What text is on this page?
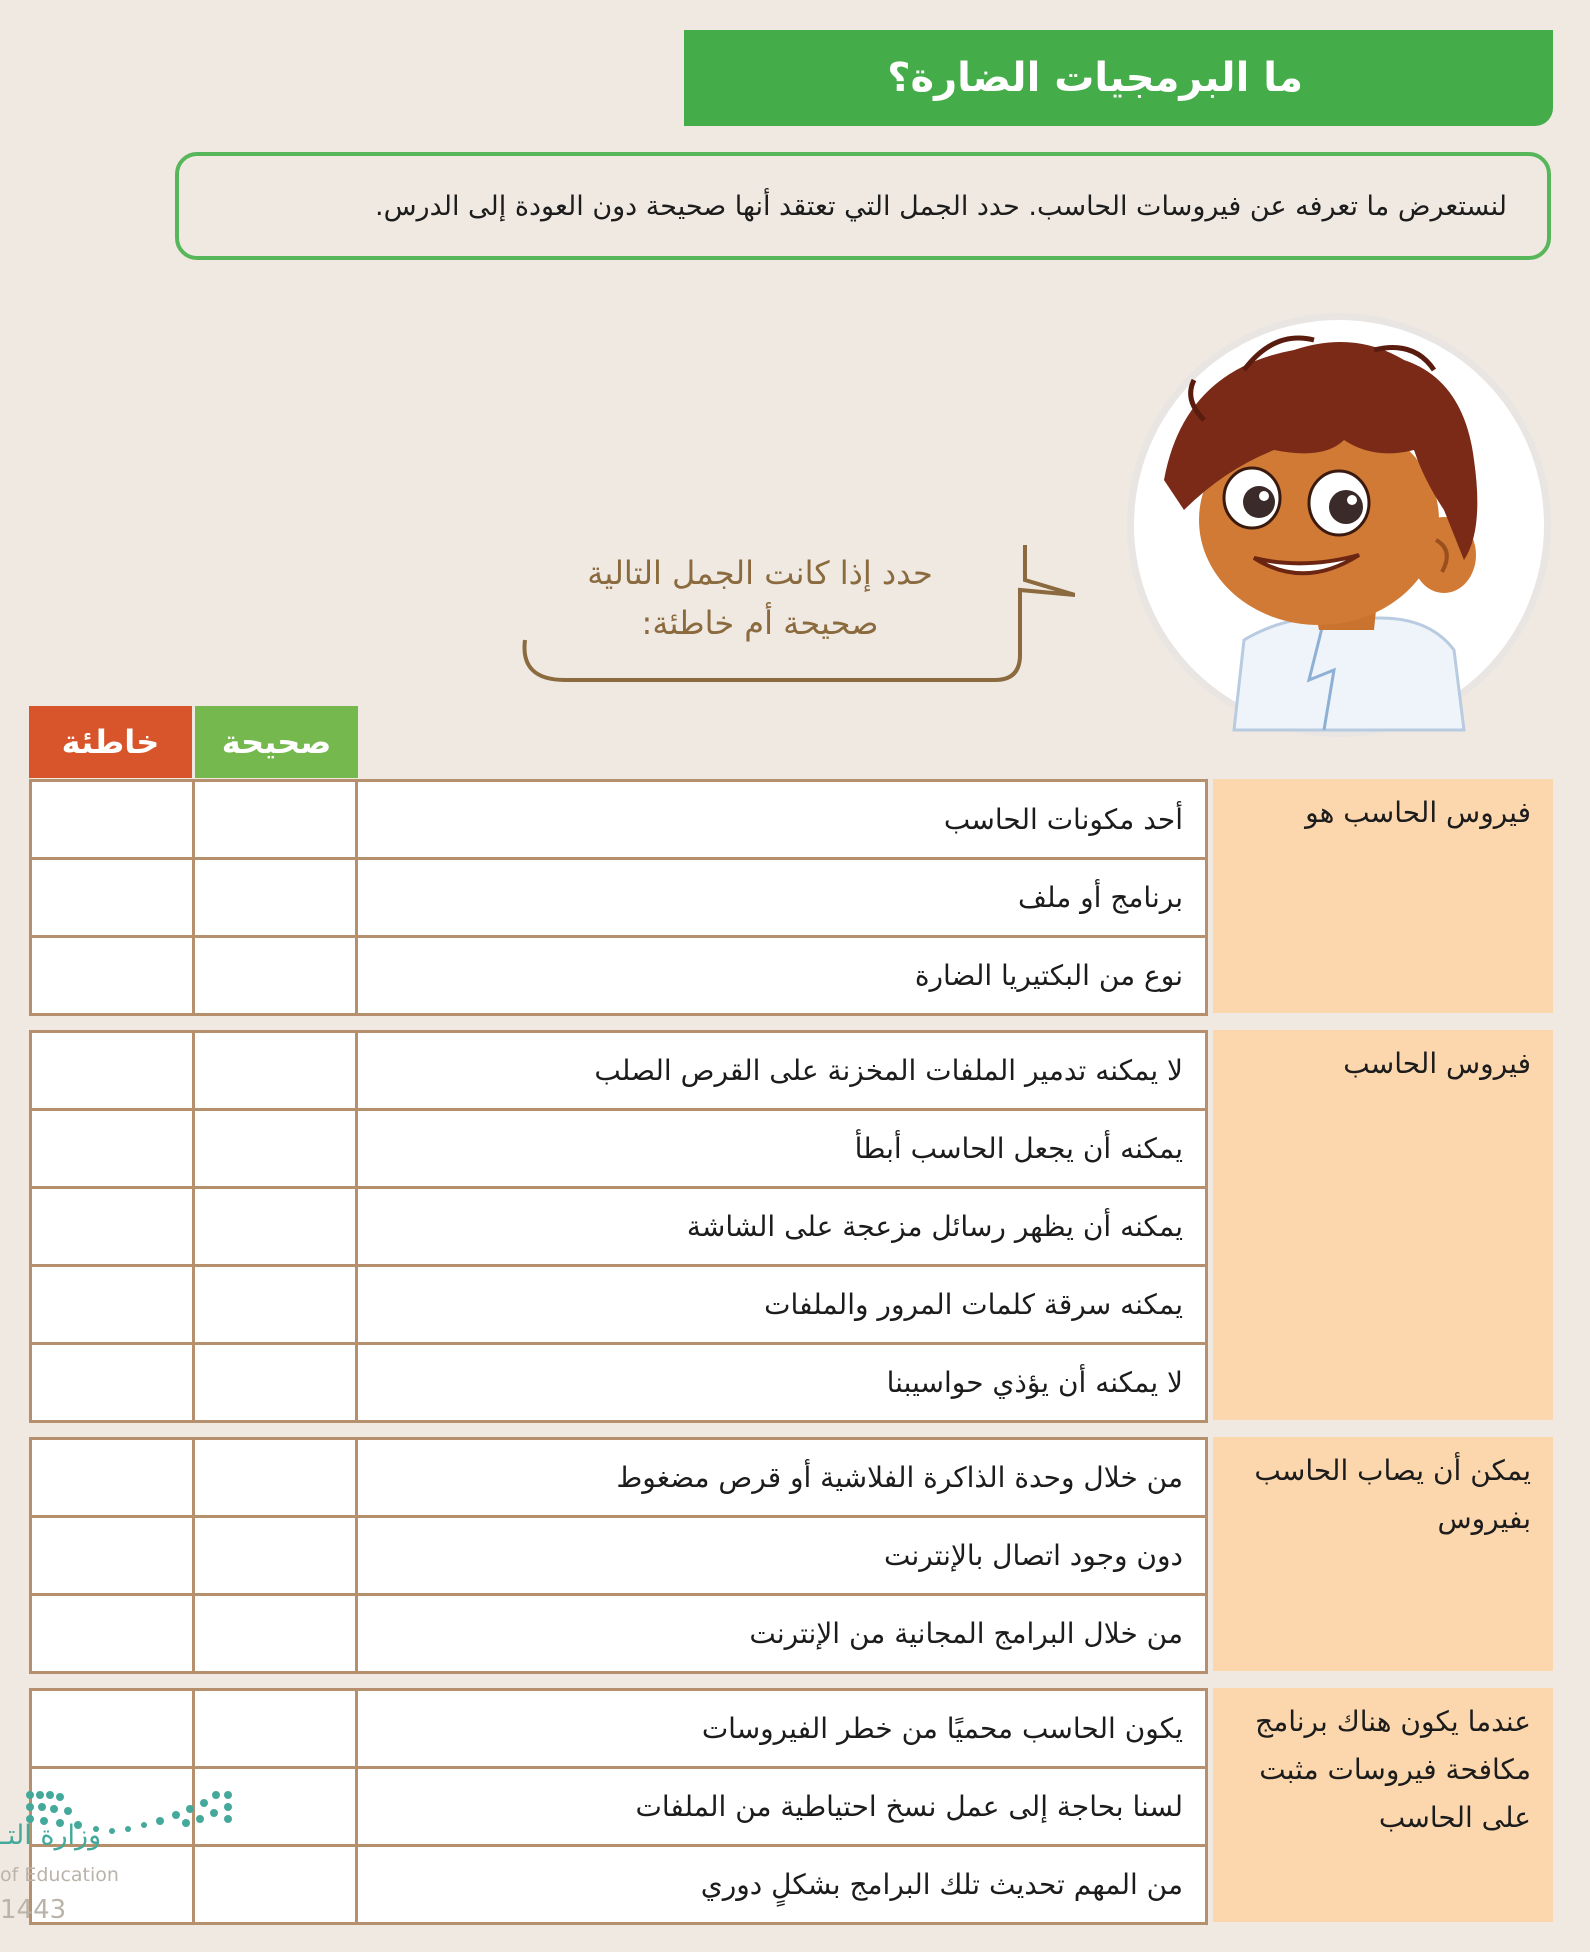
ما البرمجيات الضارة؟
لنستعرض ما تعرفه عن فيروسات الحاسب. حدد الجمل التي تعتقد أنها صحيحة دون العودة إلى الدرس.
حدد إذا كانت الجمل التالية
صحيحة أم خاطئة:
خاطئة	صحيحة
فيروس الحاسب هو
أحد مكونات الحاسب
برنامج أو ملف
نوع من البكتيريا الضارة
فيروس الحاسب
لا يمكنه تدمير الملفات المخزنة على القرص الصلب
يمكنه أن يجعل الحاسب أبطأ
يمكنه أن يظهر رسائل مزعجة على الشاشة
يمكنه سرقة كلمات المرور والملفات
لا يمكنه أن يؤذي حواسيبنا
يمكن أن يصاب الحاسب بفيروس
من خلال وحدة الذاكرة الفلاشية أو قرص مضغوط
دون وجود اتصال بالإنترنت
من خلال البرامج المجانية من الإنترنت
عندما يكون هناك برنامج مكافحة فيروسات مثبت على الحاسب
يكون الحاسب محميًا من خطر الفيروسات
لسنا بحاجة إلى عمل نسخ احتياطية من الملفات
من المهم تحديث تلك البرامج بشكلٍ دوري
وزارة التـ
of Education
1443
